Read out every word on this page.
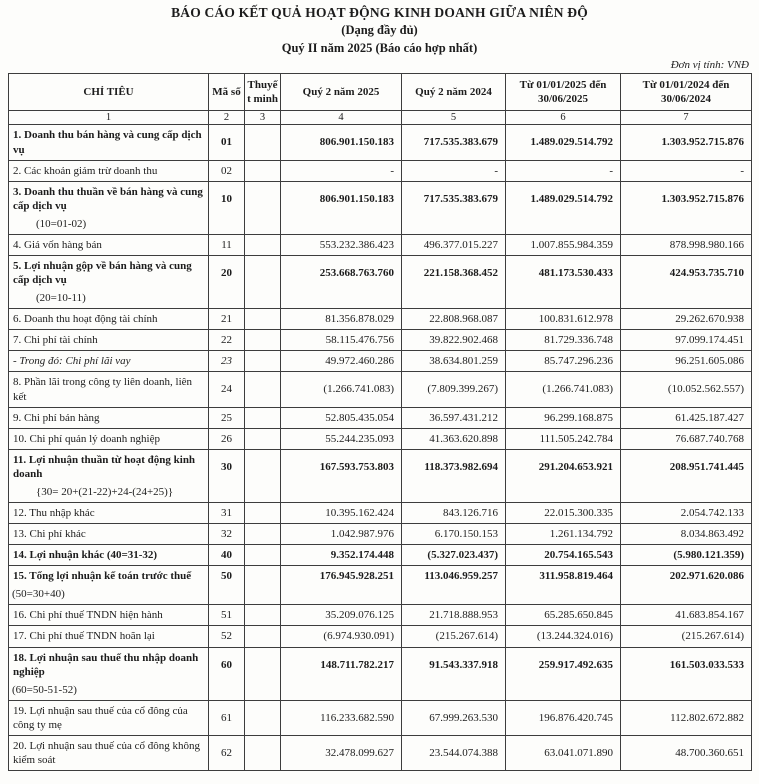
BÁO CÁO KẾT QUẢ HOẠT ĐỘNG KINH DOANH GIỮA NIÊN ĐỘ
(Dạng đầy đủ)
Quý II năm 2025 (Báo cáo hợp nhất)
Đơn vị tính: VNĐ
CHỈ TIÊU	Mã số	Thuyết minh	Quý 2 năm 2025	Quý 2 năm 2024	Từ 01/01/2025 đến 30/06/2025	Từ 01/01/2024 đến 30/06/2024
1	2	3	4	5	6	7
1. Doanh thu bán hàng và cung cấp dịch vụ	01		806.901.150.183	717.535.383.679	1.489.029.514.792	1.303.952.715.876
2. Các khoản giảm trừ doanh thu	02		-	-	-	-
3. Doanh thu thuần về bán hàng và cung cấp dịch vụ	10		806.901.150.183	717.535.383.679	1.489.029.514.792	1.303.952.715.876
(10=01-02)						
4. Giá vốn hàng bán	11		553.232.386.423	496.377.015.227	1.007.855.984.359	878.998.980.166
5. Lợi nhuận gộp về bán hàng và cung cấp dịch vụ	20		253.668.763.760	221.158.368.452	481.173.530.433	424.953.735.710
(20=10-11)						
6. Doanh thu hoạt động tài chính	21		81.356.878.029	22.808.968.087	100.831.612.978	29.262.670.938
7. Chi phí tài chính	22		58.115.476.756	39.822.902.468	81.729.336.748	97.099.174.451
- Trong đó: Chi phí lãi vay	23		49.972.460.286	38.634.801.259	85.747.296.236	96.251.605.086
8. Phần lãi trong công ty liên doanh, liên kết	24		(1.266.741.083)	(7.809.399.267)	(1.266.741.083)	(10.052.562.557)
9. Chi phí bán hàng	25		52.805.435.054	36.597.431.212	96.299.168.875	61.425.187.427
10. Chi phí quản lý doanh nghiệp	26		55.244.235.093	41.363.620.898	111.505.242.784	76.687.740.768
11. Lợi nhuận thuần từ hoạt động kinh doanh	30		167.593.753.803	118.373.982.694	291.204.653.921	208.951.741.445
{30= 20+(21-22)+24-(24+25)}						
12. Thu nhập khác	31		10.395.162.424	843.126.716	22.015.300.335	2.054.742.133
13. Chi phí khác	32		1.042.987.976	6.170.150.153	1.261.134.792	8.034.863.492
14. Lợi nhuận khác (40=31-32)	40		9.352.174.448	(5.327.023.437)	20.754.165.543	(5.980.121.359)
15. Tổng lợi nhuận kế toán trước thuế	50		176.945.928.251	113.046.959.257	311.958.819.464	202.971.620.086
(50=30+40)						
16. Chi phí thuế TNDN hiện hành	51		35.209.076.125	21.718.888.953	65.285.650.845	41.683.854.167
17. Chi phí thuế TNDN hoãn lại	52		(6.974.930.091)	(215.267.614)	(13.244.324.016)	(215.267.614)
18. Lợi nhuận sau thuế thu nhập doanh nghiệp	60		148.711.782.217	91.543.337.918	259.917.492.635	161.503.033.533
(60=50-51-52)						
19. Lợi nhuận sau thuế của cổ đông của công ty mẹ	61		116.233.682.590	67.999.263.530	196.876.420.745	112.802.672.882
20. Lợi nhuận sau thuế của cổ đông không kiểm soát	62		32.478.099.627	23.544.074.388	63.041.071.890	48.700.360.651
